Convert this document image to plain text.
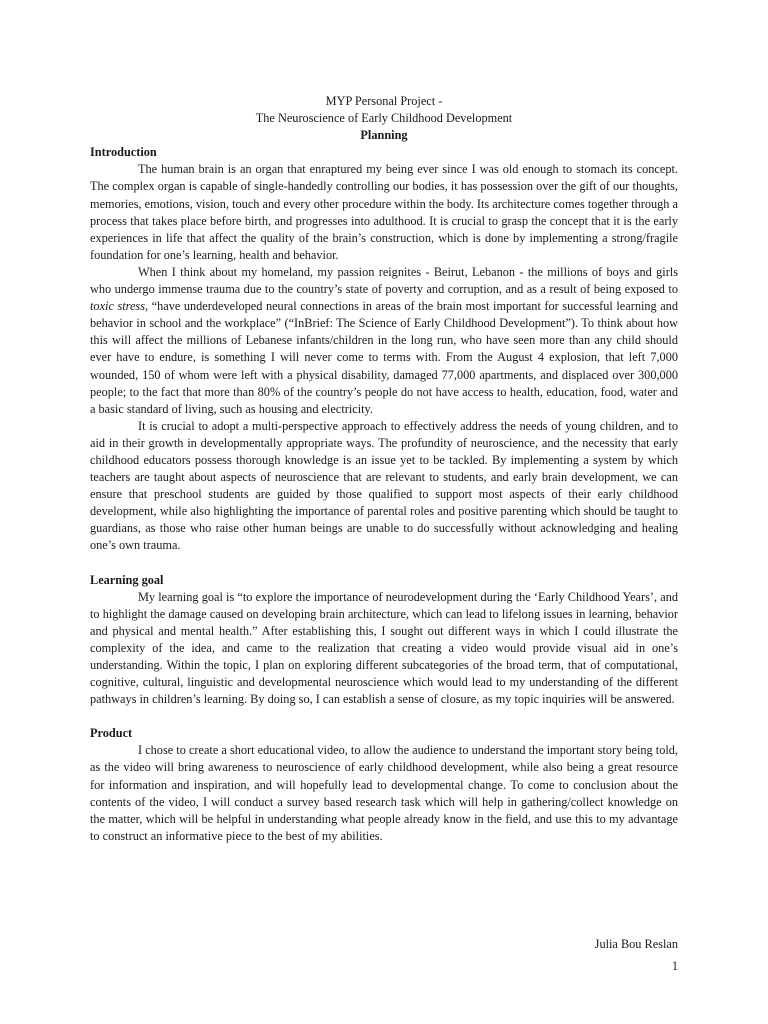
MYP Personal Project -
The Neuroscience of Early Childhood Development
Planning
Introduction

The human brain is an organ that enraptured my being ever since I was old enough to stomach its concept. The complex organ is capable of single-handedly controlling our bodies, it has possession over the gift of our thoughts, memories, emotions, vision, touch and every other procedure within the body. Its architecture comes together through a process that takes place before birth, and progresses into adulthood. It is crucial to grasp the concept that it is the early experiences in life that affect the quality of the brain’s construction, which is done by implementing a strong/fragile foundation for one’s learning, health and behavior.

When I think about my homeland, my passion reignites - Beirut, Lebanon - the millions of boys and girls who undergo immense trauma due to the country’s state of poverty and corruption, and as a result of being exposed to toxic stress, “have underdeveloped neural connections in areas of the brain most important for successful learning and behavior in school and the workplace” (“InBrief: The Science of Early Childhood Development”). To think about how this will affect the millions of Lebanese infants/children in the long run, who have seen more than any child should ever have to endure, is something I will never come to terms with. From the August 4 explosion, that left 7,000 wounded, 150 of whom were left with a physical disability, damaged 77,000 apartments, and displaced over 300,000 people; to the fact that more than 80% of the country’s people do not have access to health, education, food, water and a basic standard of living, such as housing and electricity.

It is crucial to adopt a multi-perspective approach to effectively address the needs of young children, and to aid in their growth in developmentally appropriate ways. The profundity of neuroscience, and the necessity that early childhood educators possess thorough knowledge is an issue yet to be tackled. By implementing a system by which teachers are taught about aspects of neuroscience that are relevant to students, and early brain development, we can ensure that preschool students are guided by those qualified to support most aspects of their early childhood development, while also highlighting the importance of parental roles and positive parenting which should be taught to guardians, as those who raise other human beings are unable to do successfully without acknowledging and healing one’s own trauma.

Learning goal

My learning goal is “to explore the importance of neurodevelopment during the ‘Early Childhood Years’, and to highlight the damage caused on developing brain architecture, which can lead to lifelong issues in learning, behavior and physical and mental health.” After establishing this, I sought out different ways in which I could illustrate the complexity of the idea, and came to the realization that creating a video would provide visual aid in one’s understanding. Within the topic, I plan on exploring different subcategories of the broad term, that of computational, cognitive, cultural, linguistic and developmental neuroscience which would lead to my understanding of the different pathways in children’s learning. By doing so, I can establish a sense of closure, as my topic inquiries will be answered.

Product

I chose to create a short educational video, to allow the audience to understand the important story being told, as the video will bring awareness to neuroscience of early childhood development, while also being a great resource for information and inspiration, and will hopefully lead to developmental change. To come to conclusion about the contents of the video, I will conduct a survey based research task which will help in gathering/collect knowledge on the matter, which will be helpful in understanding what people already know in the field, and use this to my advantage to construct an informative piece to the best of my abilities.

Julia Bou Reslan
1
